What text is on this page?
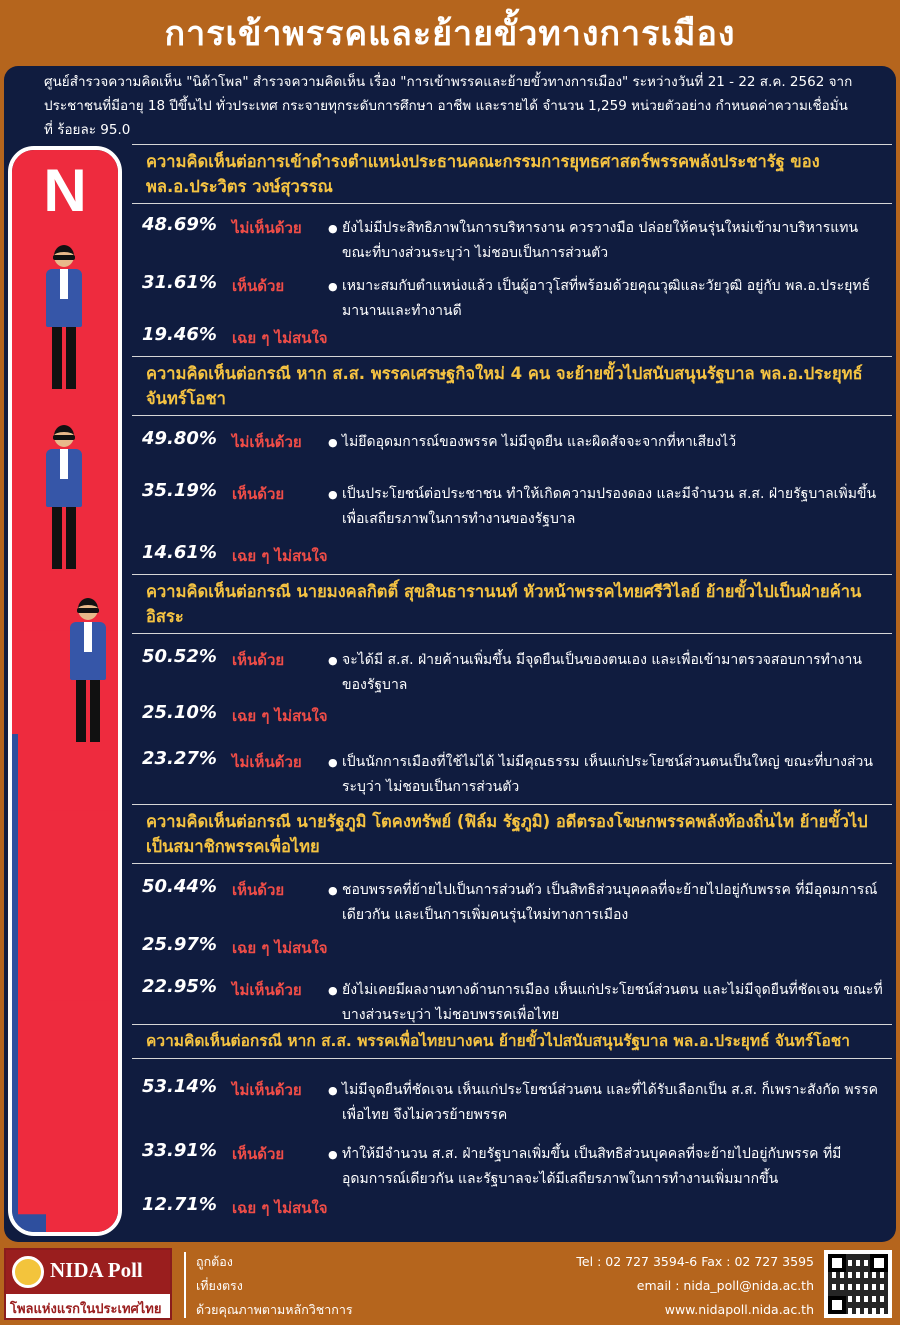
การเข้าพรรคและย้ายขั้วทางการเมือง
ศูนย์สำรวจความคิดเห็น "นิด้าโพล" สำรวจความคิดเห็น เรื่อง "การเข้าพรรคและย้ายขั้วทางการเมือง" ระหว่างวันที่ 21 - 22 ส.ค. 2562 จากประชาชนที่มีอายุ 18 ปีขึ้นไป ทั่วประเทศ กระจายทุกระดับการศึกษา อาชีพ และรายได้ จำนวน 1,259 หน่วยตัวอย่าง กำหนดค่าความเชื่อมั่นที่ ร้อยละ 95.0
N	ความคิดเห็นต่อการเข้าดำรงตำแหน่งประธานคณะกรรมการยุทธศาสตร์พรรคพลังประชารัฐ ของ พล.อ.ประวิตร วงษ์สุวรรณ
48.69%	ไม่เห็นด้วย	● ยังไม่มีประสิทธิภาพในการบริหารงาน ควรวางมือ ปล่อยให้คนรุ่นใหม่เข้ามาบริหารแทน ขณะที่บางส่วนระบุว่า ไม่ชอบเป็นการส่วนตัว
31.61%	เห็นด้วย	● เหมาะสมกับตำแหน่งแล้ว เป็นผู้อาวุโสที่พร้อมด้วยคุณวุฒิและวัยวุฒิ อยู่กับ พล.อ.ประยุทธ์ มานานและทำงานดี
19.46%	เฉย ๆ ไม่สนใจ
ความคิดเห็นต่อกรณี หาก ส.ส. พรรคเศรษฐกิจใหม่ 4 คน จะย้ายขั้วไปสนับสนุนรัฐบาล พล.อ.ประยุทธ์ จันทร์โอชา
49.80%	ไม่เห็นด้วย	● ไม่ยึดอุดมการณ์ของพรรค ไม่มีจุดยืน และผิดสัจจะจากที่หาเสียงไว้
35.19%	เห็นด้วย	● เป็นประโยชน์ต่อประชาชน ทำให้เกิดความปรองดอง และมีจำนวน ส.ส. ฝ่ายรัฐบาลเพิ่มขึ้น เพื่อเสถียรภาพในการทำงานของรัฐบาล
14.61%	เฉย ๆ ไม่สนใจ
ความคิดเห็นต่อกรณี นายมงคลกิตติ์ สุขสินธารานนท์ หัวหน้าพรรคไทยศรีวิไลย์ ย้ายขั้วไปเป็นฝ่ายค้านอิสระ
50.52%	เห็นด้วย	● จะได้มี ส.ส. ฝ่ายค้านเพิ่มขึ้น มีจุดยืนเป็นของตนเอง และเพื่อเข้ามาตรวจสอบการทำงาน ของรัฐบาล
25.10%	เฉย ๆ ไม่สนใจ
23.27%	ไม่เห็นด้วย	● เป็นนักการเมืองที่ใช้ไม่ได้ ไม่มีคุณธรรม เห็นแก่ประโยชน์ส่วนตนเป็นใหญ่ ขณะที่บางส่วนระบุว่า ไม่ชอบเป็นการส่วนตัว
ความคิดเห็นต่อกรณี นายรัฐภูมิ โตคงทรัพย์ (ฟิล์ม รัฐภูมิ) อดีตรองโฆษกพรรคพลังท้องถิ่นไท ย้ายขั้วไปเป็นสมาชิกพรรคเพื่อไทย
50.44%	เห็นด้วย	● ชอบพรรคที่ย้ายไปเป็นการส่วนตัว เป็นสิทธิส่วนบุคคลที่จะย้ายไปอยู่กับพรรค ที่มีอุดมการณ์เดียวกัน และเป็นการเพิ่มคนรุ่นใหม่ทางการเมือง
25.97%	เฉย ๆ ไม่สนใจ
22.95%	ไม่เห็นด้วย	● ยังไม่เคยมีผลงานทางด้านการเมือง เห็นแก่ประโยชน์ส่วนตน และไม่มีจุดยืนที่ชัดเจน ขณะที่บางส่วนระบุว่า ไม่ชอบพรรคเพื่อไทย
ความคิดเห็นต่อกรณี หาก ส.ส. พรรคเพื่อไทยบางคน ย้ายขั้วไปสนับสนุนรัฐบาล พล.อ.ประยุทธ์ จันทร์โอชา
53.14%	ไม่เห็นด้วย	● ไม่มีจุดยืนที่ชัดเจน เห็นแก่ประโยชน์ส่วนตน และที่ได้รับเลือกเป็น ส.ส. ก็เพราะสังกัด พรรคเพื่อไทย จึงไม่ควรย้ายพรรค
33.91%	เห็นด้วย	● ทำให้มีจำนวน ส.ส. ฝ่ายรัฐบาลเพิ่มขึ้น เป็นสิทธิส่วนบุคคลที่จะย้ายไปอยู่กับพรรค ที่มีอุดมการณ์เดียวกัน และรัฐบาลจะได้มีเสถียรภาพในการทำงานเพิ่มมากขึ้น
12.71%	เฉย ๆ ไม่สนใจ
NIDA Poll
โพลแห่งแรกในประเทศไทย
ถูกต้อง
เที่ยงตรง
ด้วยคุณภาพตามหลักวิชาการ
Tel : 02 727 3594-6 Fax : 02 727 3595
email : nida_poll@nida.ac.th
www.nidapoll.nida.ac.th
